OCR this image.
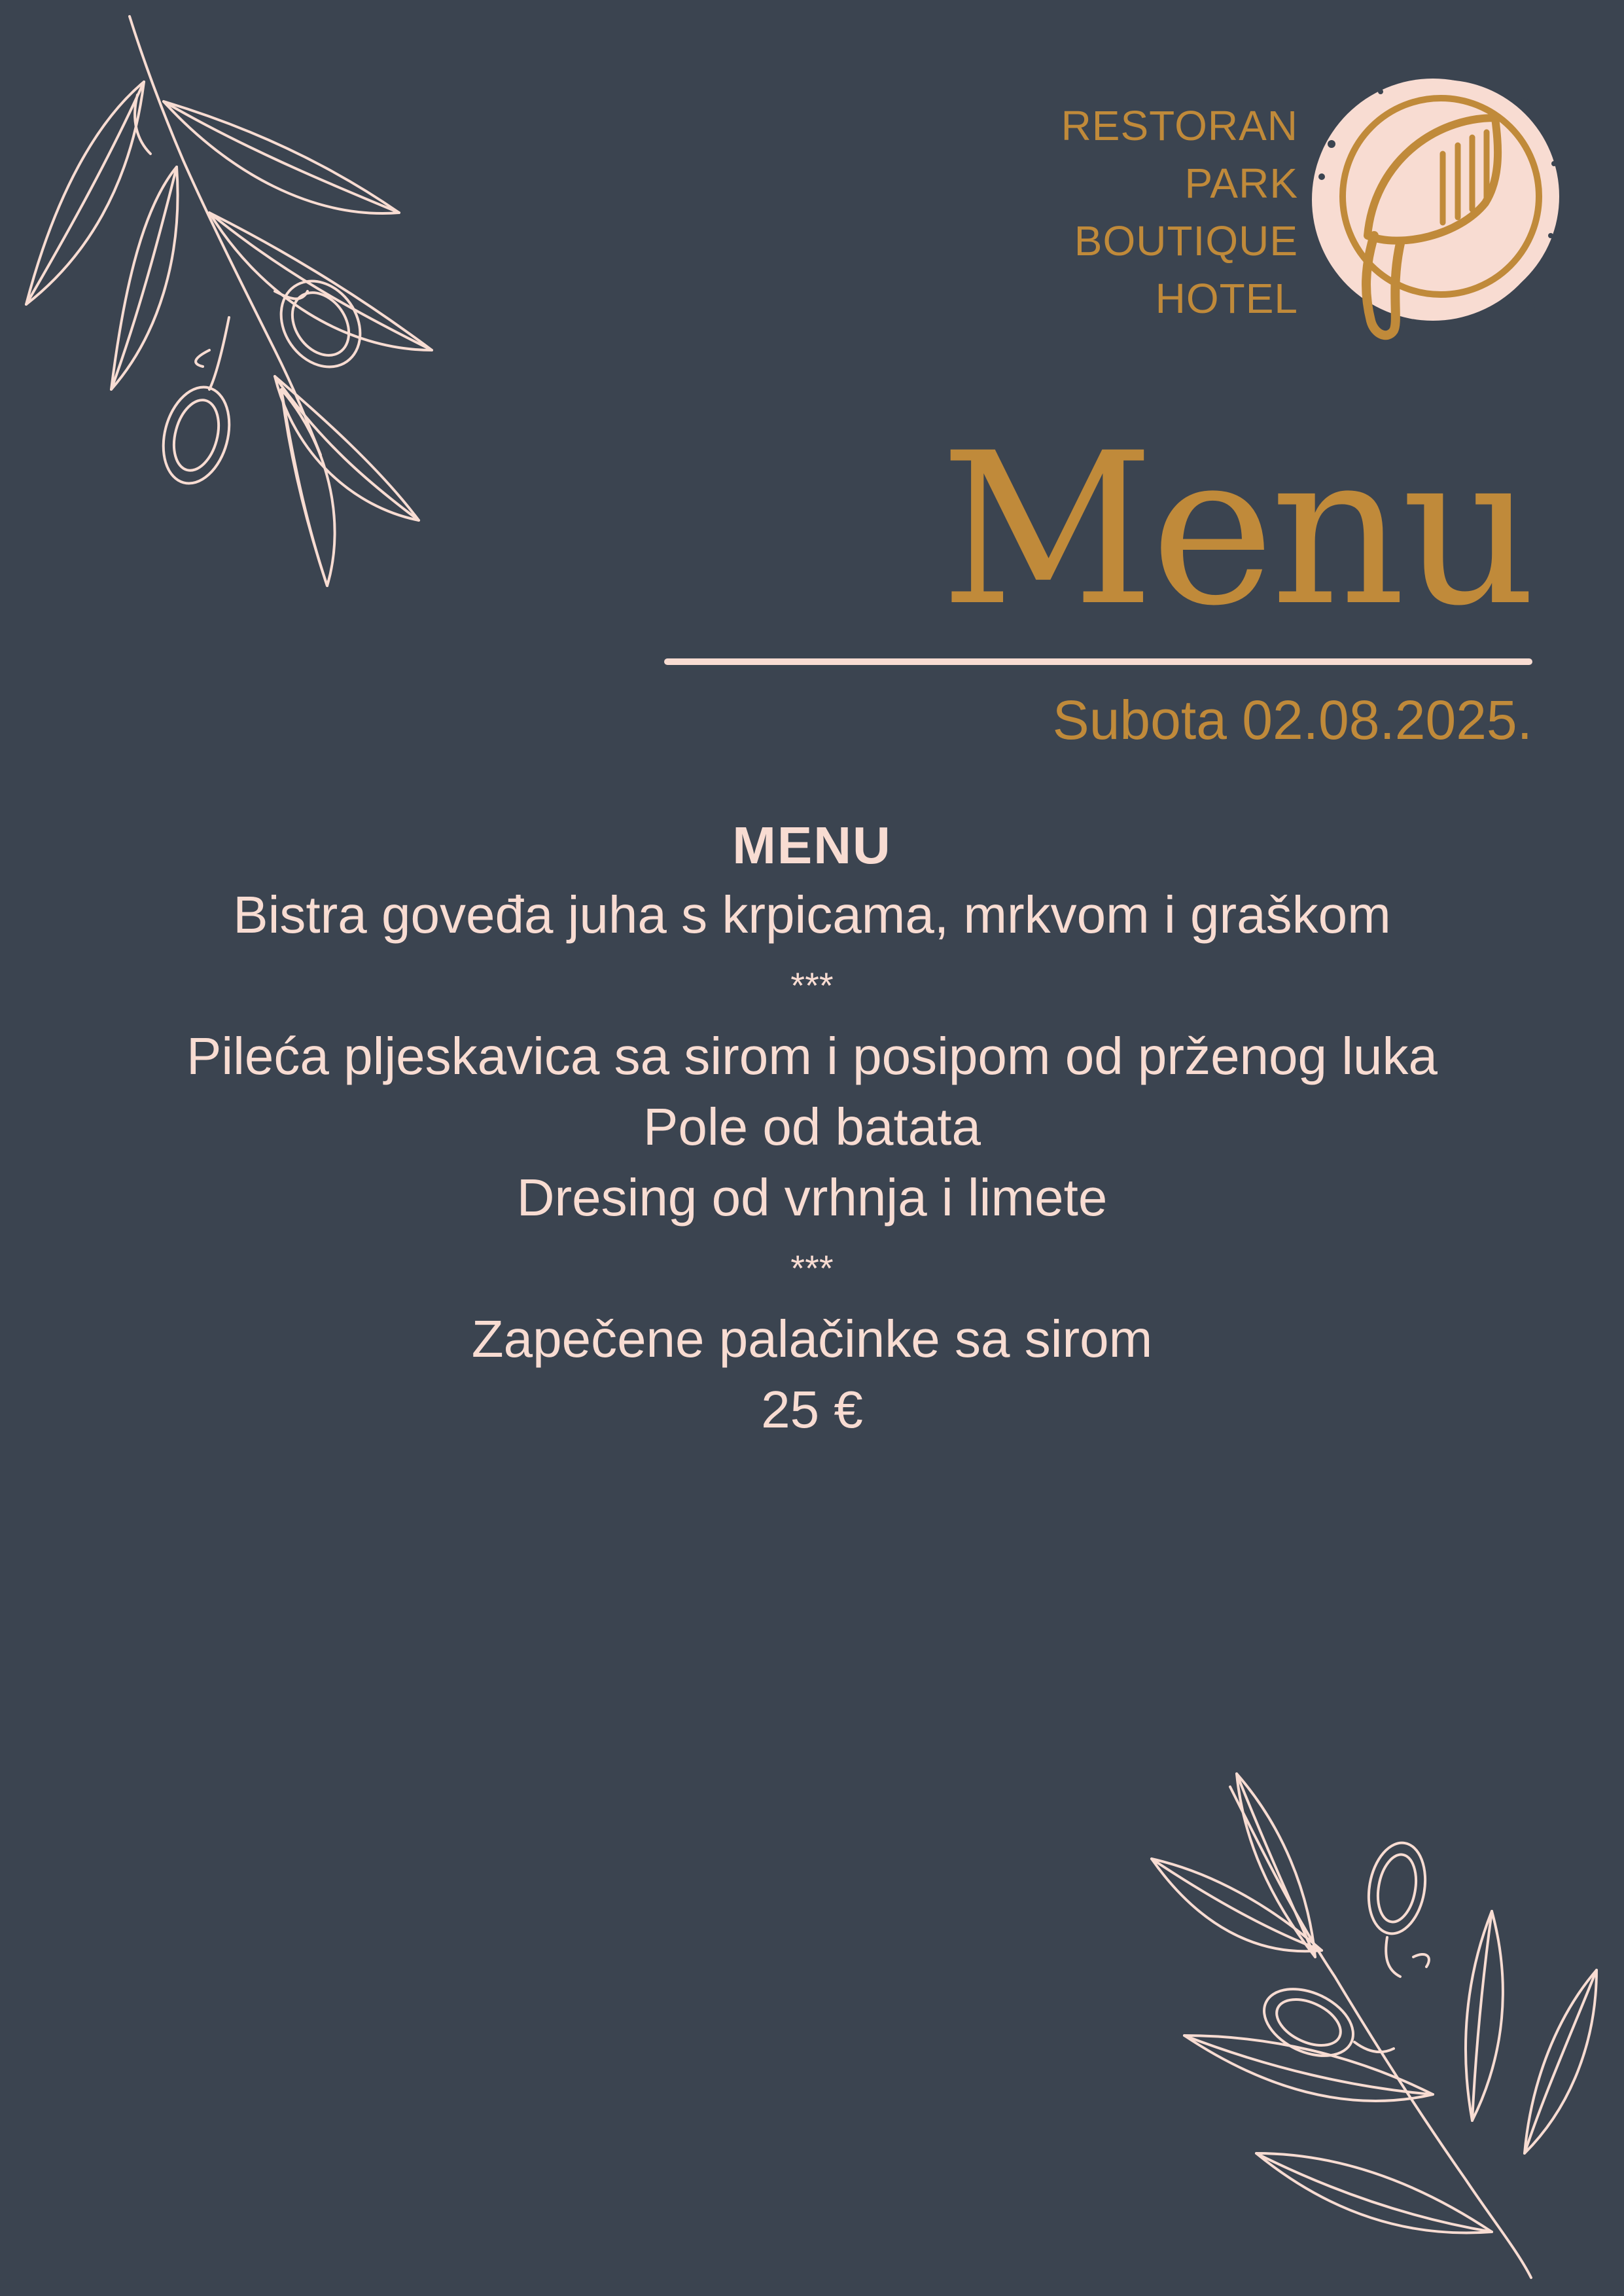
RESTORAN
PARK
BOUTIQUE
HOTEL
Menu
Subota 02.08.2025.
MENU
Bistra goveđa juha s krpicama, mrkvom i graškom
***
Pileća pljeskavica sa sirom i posipom od prženog luka
Pole od batata
Dresing od vrhnja i limete
***
Zapečene palačinke sa sirom
25 €
